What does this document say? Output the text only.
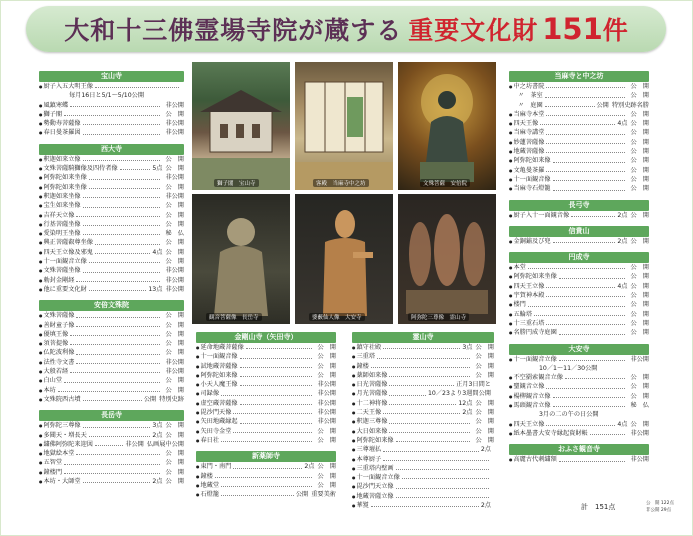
大和十三佛霊場寺院が蔵する 重要文化財 151 件
獅子閣　 宝山寺	客殿　 当麻寺中之坊	文殊菩薩　 安倍院
観音菩薩像　 長岳寺	婆藪仙人像　 大安寺	阿弥陀三尊像　 霊山寺
宝山寺
● 厨子入五大明王像
毎月16日と5/1～5/10公開
● 風鎮寒蝶	非公開
● 獅子閣	公　開
● 勢動寿菩薩像	非公開
● 春日曼茶羅図	非公開
西大寺
● 釈迦如来立像	公　開
● 文殊菩薩騎獅像及四侍者像	5点 公　開
● 阿弥陀如来坐像	非公開
● 阿弥陀如来坐像	公　開
● 釈迦如来坐像	非公開
● 宝生如来坐像	公　開
● 吉祥天立像	公　開
● 行基菩薩坐像	公　開
● 愛染明王坐像	秘　仏
● 興正菩薩叡尊坐像	公　開
● 四天王立像及邪鬼	4点 公　開
● 十一面観音立像	公　開
● 文殊菩薩坐像	非公開
● 勅封金剛経	非公開
● 他に重要文化財	13点 非公開
安倍文殊院
● 文殊菩薩像	公　開
● 善財童子像	公　開
● 優填王像	公　開
● 須菩提像	公　開
● 仏陀波利像	公　開
● 法性寺文書	非公開
● 大般若経	非公開
● 白山堂	公　開
● 本坊	公　開
● 文殊院西古墳	公開 特別史跡
長岳寺
● 阿弥陀三尊像	3点 公　開
● 多聞天・増長天	2点 公　開
● 繍佛阿弥陀来迎図	非公開 仏画展中公開
● 地獄絵本堂	公　開
● 五智堂	公　開
● 鐘楼門	公　開
● 本坊・大師堂	2点 公　開
金剛山寺（矢田寺）
● 延命地蔵菩薩像	公　開
● 十一面観音像	公　開
● 試地蔵菩薩像	公　開
● 阿弥陀如来像	公　開
● 小天人魔王像	非公開
● 司録像	非公開
● 虚空蔵菩薩像	非公開
● 毘沙門天像	非公開
● 矢田地蔵縁起	非公開
● 矢田寺金堂	公　開
● 春日社	公　開
新薬師寺
● 東門・南門	2点 公　開
● 鐘楼	公　開
● 地蔵堂	公　開
● 石燈籠	公開 重要美術
霊山寺
● 鎮守社殿	3点 公　開
● 三重塔	公　開
● 鐘楼	公　開
● 薬師如来像	公　開
● 日光菩薩像	正月3日間と
● 月光菩薩像	10／23より3週間公開
● 十二神将像	12点 公　開
● 二天王像	2点 公　開
● 釈迦三尊像	公　開
● 大日如来像	公　開
● 阿弥陀如来像	公　開
● 三尊壇払	2点
● 本尊厨子
● 三重塔内壁画
● 十一面観音立像
● 毘沙門天立像
● 地蔵菩薩立像
● 華鬘	2点
当麻寺と中之坊
● 中之坊書院	公　開

〃　茶室	公　開

〃　庭園	公開 特別史跡名勝
● 当麻寺本堂	公　開
● 四天王像	4点 公　開
● 当麻寺講堂	公　開
● 妙蓮菩薩像	公　開
● 地蔵菩薩像	公　開
● 阿弥陀如来像	公　開
● 文亀曼茶羅	公　開
● 十一面観音像	公　開
● 当麻寺石燈籠	公　開
長弓寺
● 厨子入十一面観音像	2点 公　開
信貴山
● 金銅鍮及び兜	2点 公　開
円成寺
● 本堂	公　開
● 阿弥陀如来坐像	公　開
● 四天王立像	4点 公　開
● 宇賀神本殿	公　開
● 楼門	公　開
● 五輪塔	公　開
● 十三重石塔	公　開
● 名勝円成寺庭園	公　開
大安寺
● 十一面観音立像	非公開
10／1～11／30公開
● 不空羂索観音立像	公　開
● 聖観音立像	公　開
● 楊柳観音立像	公　開
● 馬頭観音立像	秘　仏
3月の二の午の日公開
● 四天王立像	4点 公　開
● 紙本墨書大安寺縁起資財帳	非公開
おふさ観音寺
● 高麗古代刺繍額	非公開
計　151点	公　開 122点
非公開 29点
